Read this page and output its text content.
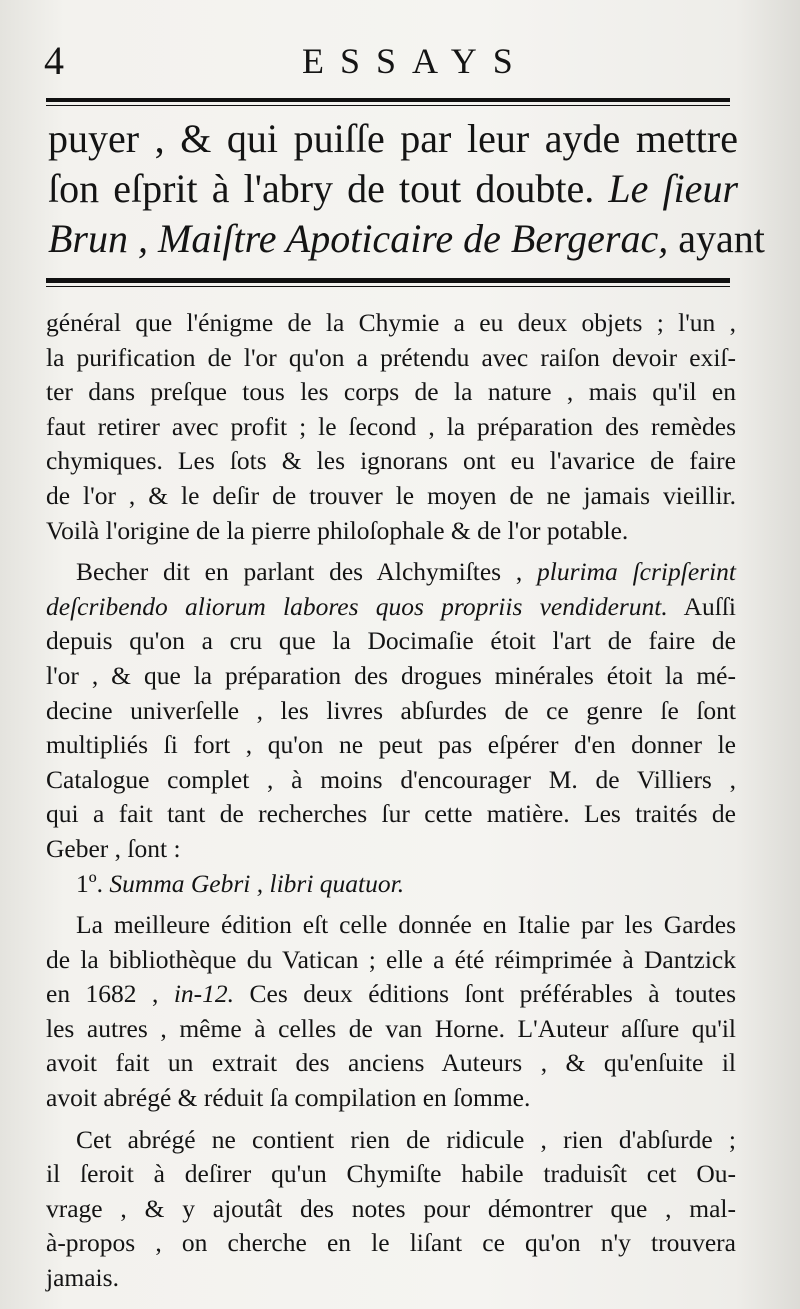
4	ESSAYS
puyer , & qui puiſſe par leur ayde mettre
ſon eſprit à l'abry de tout doubte. Le ſieur
Brun , Maiſtre Apoticaire de Bergerac, ayant

général que l'énigme de la Chymie a eu deux objets ; l'un ,
la purification de l'or qu'on a prétendu avec raiſon devoir exiſ-
ter dans preſque tous les corps de la nature , mais qu'il en
faut retirer avec profit ; le ſecond , la préparation des remèdes
chymiques. Les ſots & les ignorans ont eu l'avarice de faire
de l'or , & le deſir de trouver le moyen de ne jamais vieillir.
Voilà l'origine de la pierre philoſophale & de l'or potable.

Becher dit en parlant des Alchymiſtes , plurima ſcripſerint
deſcribendo aliorum labores quos propriis vendiderunt. Auſſi
depuis qu'on a cru que la Docimaſie étoit l'art de faire de
l'or , & que la préparation des drogues minérales étoit la mé-
decine univerſelle , les livres abſurdes de ce genre ſe ſont
multipliés ſi fort , qu'on ne peut pas eſpérer d'en donner le
Catalogue complet , à moins d'encourager M. de Villiers ,
qui a fait tant de recherches ſur cette matière. Les traités de
Geber , ſont :

1º. Summa Gebri , libri quatuor.

La meilleure édition eſt celle donnée en Italie par les Gardes
de la bibliothèque du Vatican ; elle a été réimprimée à Dantzick
en 1682 , in-12. Ces deux éditions ſont préférables à toutes
les autres , même à celles de van Horne. L'Auteur aſſure qu'il
avoit fait un extrait des anciens Auteurs , & qu'enſuite il
avoit abrégé & réduit ſa compilation en ſomme.

Cet abrégé ne contient rien de ridicule , rien d'abſurde ;
il ſeroit à deſirer qu'un Chymiſte habile traduisît cet Ou-
vrage , & y ajoutât des notes pour démontrer que , mal-
à-propos , on cherche en le liſant ce qu'on n'y trouvera
jamais.
